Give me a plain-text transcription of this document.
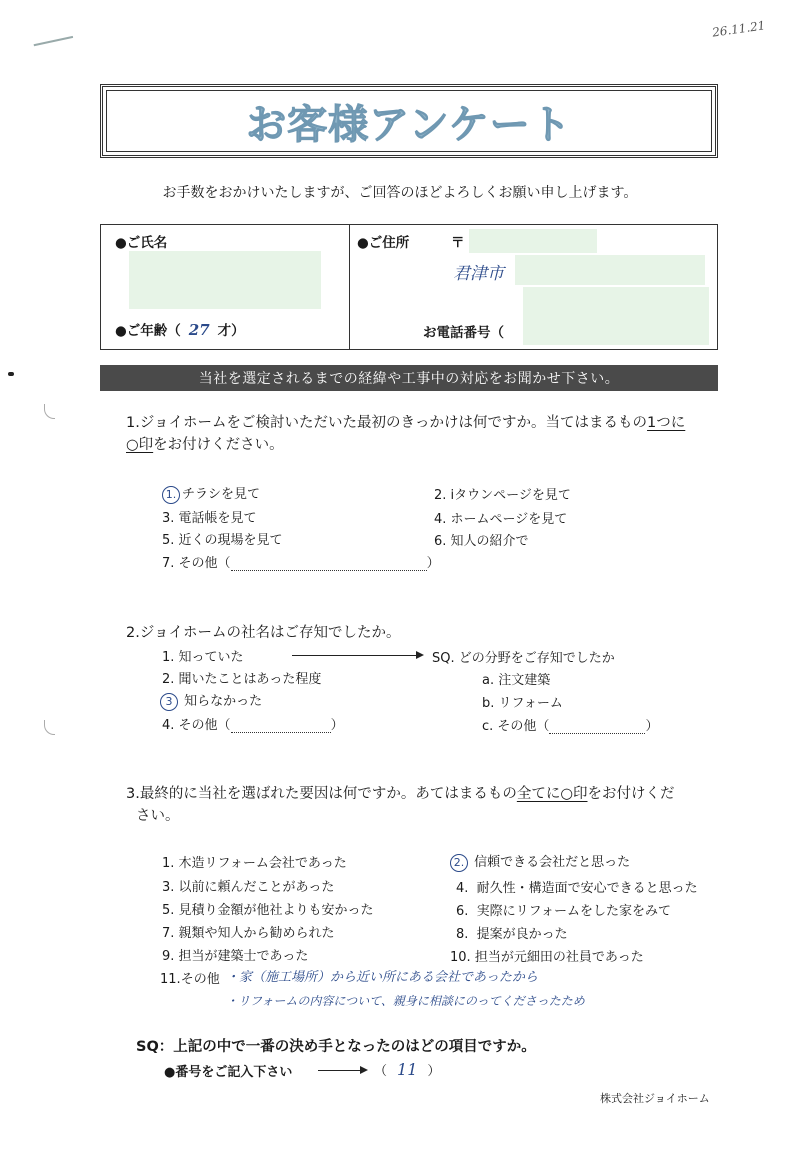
26.11.21
お客様アンケート
お手数をおかけいたしますが、ご回答のほどよろしくお願い申し上げます。
●ご氏名
●ご年齢（ 27 才）
●ご住所	〒
君津市
お電話番号（
当社を選定されるまでの経緯や工事中の対応をお聞かせ下さい。
1.ジョイホームをご検討いただいた最初のきっかけは何ですか。当てはまるもの1つに
○印をお付けください。
1. チラシを見て	2. iタウンページを見て
3. 電話帳を見て	4. ホームページを見て
5. 近くの現場を見て	6. 知人の紹介で
7. その他（	）
2.ジョイホームの社名はご存知でしたか。
1. 知っていた	SQ. どの分野をご存知でしたか
2. 聞いたことはあった程度	a. 注文建築
3 知らなかった	b. リフォーム
4. その他（	）	c. その他（	）
3.最終的に当社を選ばれた要因は何ですか。あてはまるもの全てに○印をお付けくだ
さい。
1. 木造リフォーム会社であった	2. 信頼できる会社だと思った
3. 以前に頼んだことがあった	4. 耐久性・構造面で安心できると思った
5. 見積り金額が他社よりも安かった	6. 実際にリフォームをした家をみて
7. 親類や知人から勧められた	8. 提案が良かった
9. 担当が建築士であった	10. 担当が元細田の社員であった
11.その他 ・家（施工場所）から近い所にある会社であったから
・リフォームの内容について、親身に相談にのってくださったため
SQ：上記の中で一番の決め手となったのはどの項目ですか。
●番号をご記入下さい	（ 11 ）
株式会社ジョイホーム
